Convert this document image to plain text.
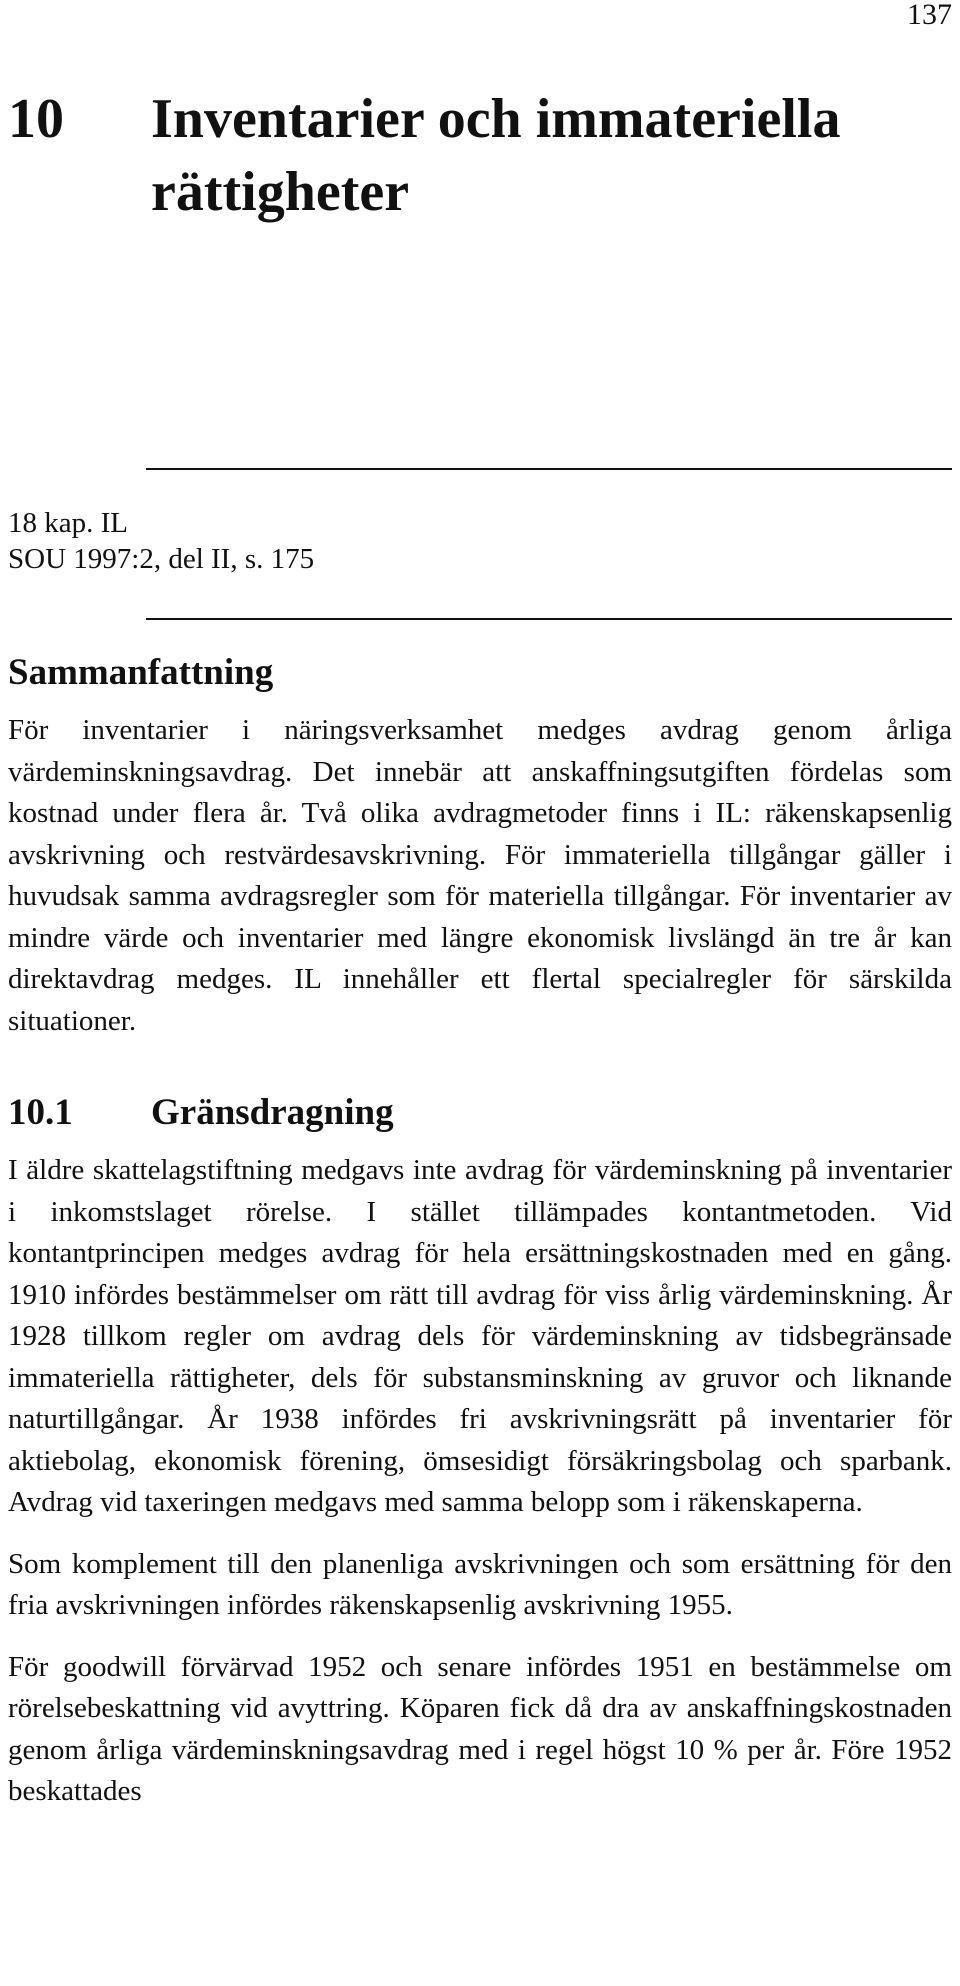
137
10 Inventarier och immateriella rättigheter
18 kap. IL
SOU 1997:2, del II, s. 175
Sammanfattning

För inventarier i näringsverksamhet medges avdrag genom årliga värdeminskningsavdrag. Det innebär att anskaffningsutgiften fördelas som kostnad under flera år. Två olika avdragmetoder finns i IL: räkenskapsenlig avskrivning och restvärdesavskrivning. För immateriella tillgångar gäller i huvudsak samma avdragsregler som för materiella tillgångar. För inventarier av mindre värde och inventarier med längre ekonomisk livslängd än tre år kan direktavdrag medges. IL innehåller ett flertal specialregler för särskilda situationer.

10.1	Gränsdragning

I äldre skattelagstiftning medgavs inte avdrag för värdeminskning på inventarier i inkomstslaget rörelse. I stället tillämpades kontantmetoden. Vid kontantprincipen medges avdrag för hela ersättningskostnaden med en gång. 1910 infördes bestämmelser om rätt till avdrag för viss årlig värdeminskning. År 1928 tillkom regler om avdrag dels för värdeminskning av tidsbegränsade immateriella rättigheter, dels för substansminskning av gruvor och liknande naturtillgångar. År 1938 infördes fri avskrivningsrätt på inventarier för aktiebolag, ekonomisk förening, ömsesidigt försäkringsbolag och sparbank. Avdrag vid taxeringen medgavs med samma belopp som i räkenskaperna.

Som komplement till den planenliga avskrivningen och som ersättning för den fria avskrivningen infördes räkenskapsenlig avskrivning 1955.

För goodwill förvärvad 1952 och senare infördes 1951 en bestämmelse om rörelsebeskattning vid avyttring. Köparen fick då dra av anskaffningskostnaden genom årliga värdeminskningsavdrag med i regel högst 10 % per år. Före 1952 beskattades
